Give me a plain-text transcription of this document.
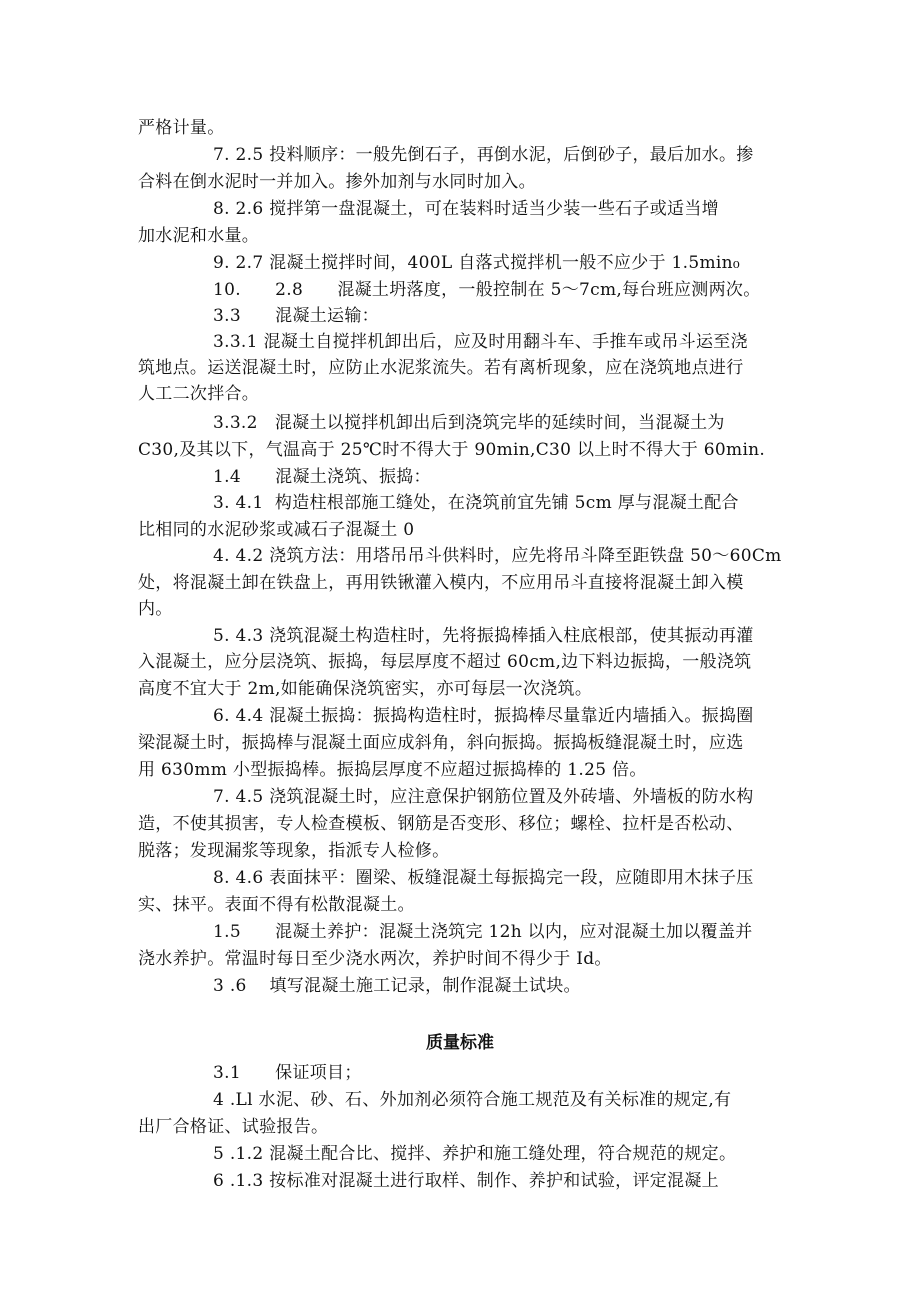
严格计量。
7. 2.5 投料顺序：一般先倒石子，再倒水泥，后倒砂子，最后加水。掺
合料在倒水泥时一并加入。掺外加剂与水同时加入。
8. 2.6 搅拌第一盘混凝土，可在装料时适当少装一些石子或适当增
加水泥和水量。
9. 2.7 混凝土搅拌时间，400L 自落式搅拌机一般不应少于 1.5min₀
10.      2.8      混凝土坍落度，一般控制在 5～7cm,每台班应测两次。
3.3      混凝土运输：
3.3.1 混凝土自搅拌机卸出后，应及时用翻斗车、手推车或吊斗运至浇
筑地点。运送混凝土时，应防止水泥浆流失。若有离析现象，应在浇筑地点进行
人工二次拌合。
3.3.2   混凝土以搅拌机卸出后到浇筑完毕的延续时间，当混凝土为
C30,及其以下，气温高于 25℃时不得大于 90min,C30 以上时不得大于 60min.
1.4      混凝土浇筑、振捣：
3. 4.1  构造柱根部施工缝处，在浇筑前宜先铺 5cm 厚与混凝土配合
比相同的水泥砂浆或减石子混凝土 0
4. 4.2 浇筑方法：用塔吊吊斗供料时，应先将吊斗降至距铁盘 50～60Cm
处，将混凝土卸在铁盘上，再用铁锹灌入模内，不应用吊斗直接将混凝土卸入模
内。
5. 4.3 浇筑混凝土构造柱时，先将振捣棒插入柱底根部，使其振动再灌
入混凝土，应分层浇筑、振捣，每层厚度不超过 60cm,边下料边振捣，一般浇筑
高度不宜大于 2m,如能确保浇筑密实，亦可每层一次浇筑。
6. 4.4 混凝土振捣：振捣构造柱时，振捣棒尽量靠近内墙插入。振捣圈
梁混凝土时，振捣棒与混凝土面应成斜角，斜向振捣。振捣板缝混凝土时，应选
用 630mm 小型振捣棒。振捣层厚度不应超过振捣棒的 1.25 倍。
7. 4.5 浇筑混凝土时，应注意保护钢筋位置及外砖墙、外墙板的防水构
造，不使其损害，专人检查模板、钢筋是否变形、移位；螺栓、拉杆是否松动、
脱落；发现漏浆等现象，指派专人检修。
8. 4.6 表面抹平：圈梁、板缝混凝土每振捣完一段，应随即用木抹子压
实、抹平。表面不得有松散混凝土。
1.5      混凝土养护：混凝土浇筑完 12h 以内，应对混凝土加以覆盖并
浇水养护。常温时每日至少浇水两次，养护时间不得少于 Id。
3 .6    填写混凝土施工记录，制作混凝土试块。
质量标准
3.1      保证项目；
4 .Ll 水泥、砂、石、外加剂必须符合施工规范及有关标准的规定,有
出厂合格证、试验报告。
5 .1.2 混凝土配合比、搅拌、养护和施工缝处理，符合规范的规定。
6 .1.3 按标准对混凝土进行取样、制作、养护和试验，评定混凝上
